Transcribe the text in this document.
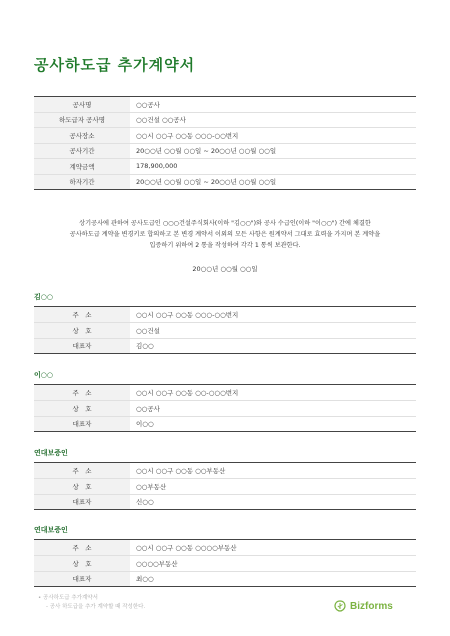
공사하도급 추가계약서
공사명	○○공사
하도급자 공사명	○○건설 ○○공사
공사장소	○○시 ○○구 ○○동 ○○○-○○번지
공사기간	20○○년 ○○월 ○○일 ~ 20○○년 ○○월 ○○일
계약금액	178,900,000
하자기간	20○○년 ○○월 ○○일 ~ 20○○년 ○○월 ○○일
상기공사에 관하여 공사도급인 ○○○건설주식회사(이하 "김○○")와 공사 수급인(이하 "이○○") 간에 체결한
공사하도급 계약을 변경키로 합의하고 본 변경 계약서 이외의 모든 사항은 원계약서 그대로 효력을 가지며 본 계약을
입증하기 위하여 2 통을 작성하여 각각 1 통씩 보관한다.
20○○년 ○○월 ○○일
김○○
주　소	○○시 ○○구 ○○동 ○○○-○○번지
상　호	○○건설
대표자	김○○
이○○
주　소	○○시 ○○구 ○○동 ○○-○○○번지
상　호	○○공사
대표자	이○○
연대보증인
주　소	○○시 ○○구 ○○동 ○○부동산
상　호	○○부동산
대표자	신○○
연대보증인
주　소	○○시 ○○구 ○○동 ○○○○부동산
상　호	○○○○부동산
대표자	최○○
• 공사하도급 추가계약서
- 공사 하도급을 추가 계약할 때 작성한다.	Bizforms
